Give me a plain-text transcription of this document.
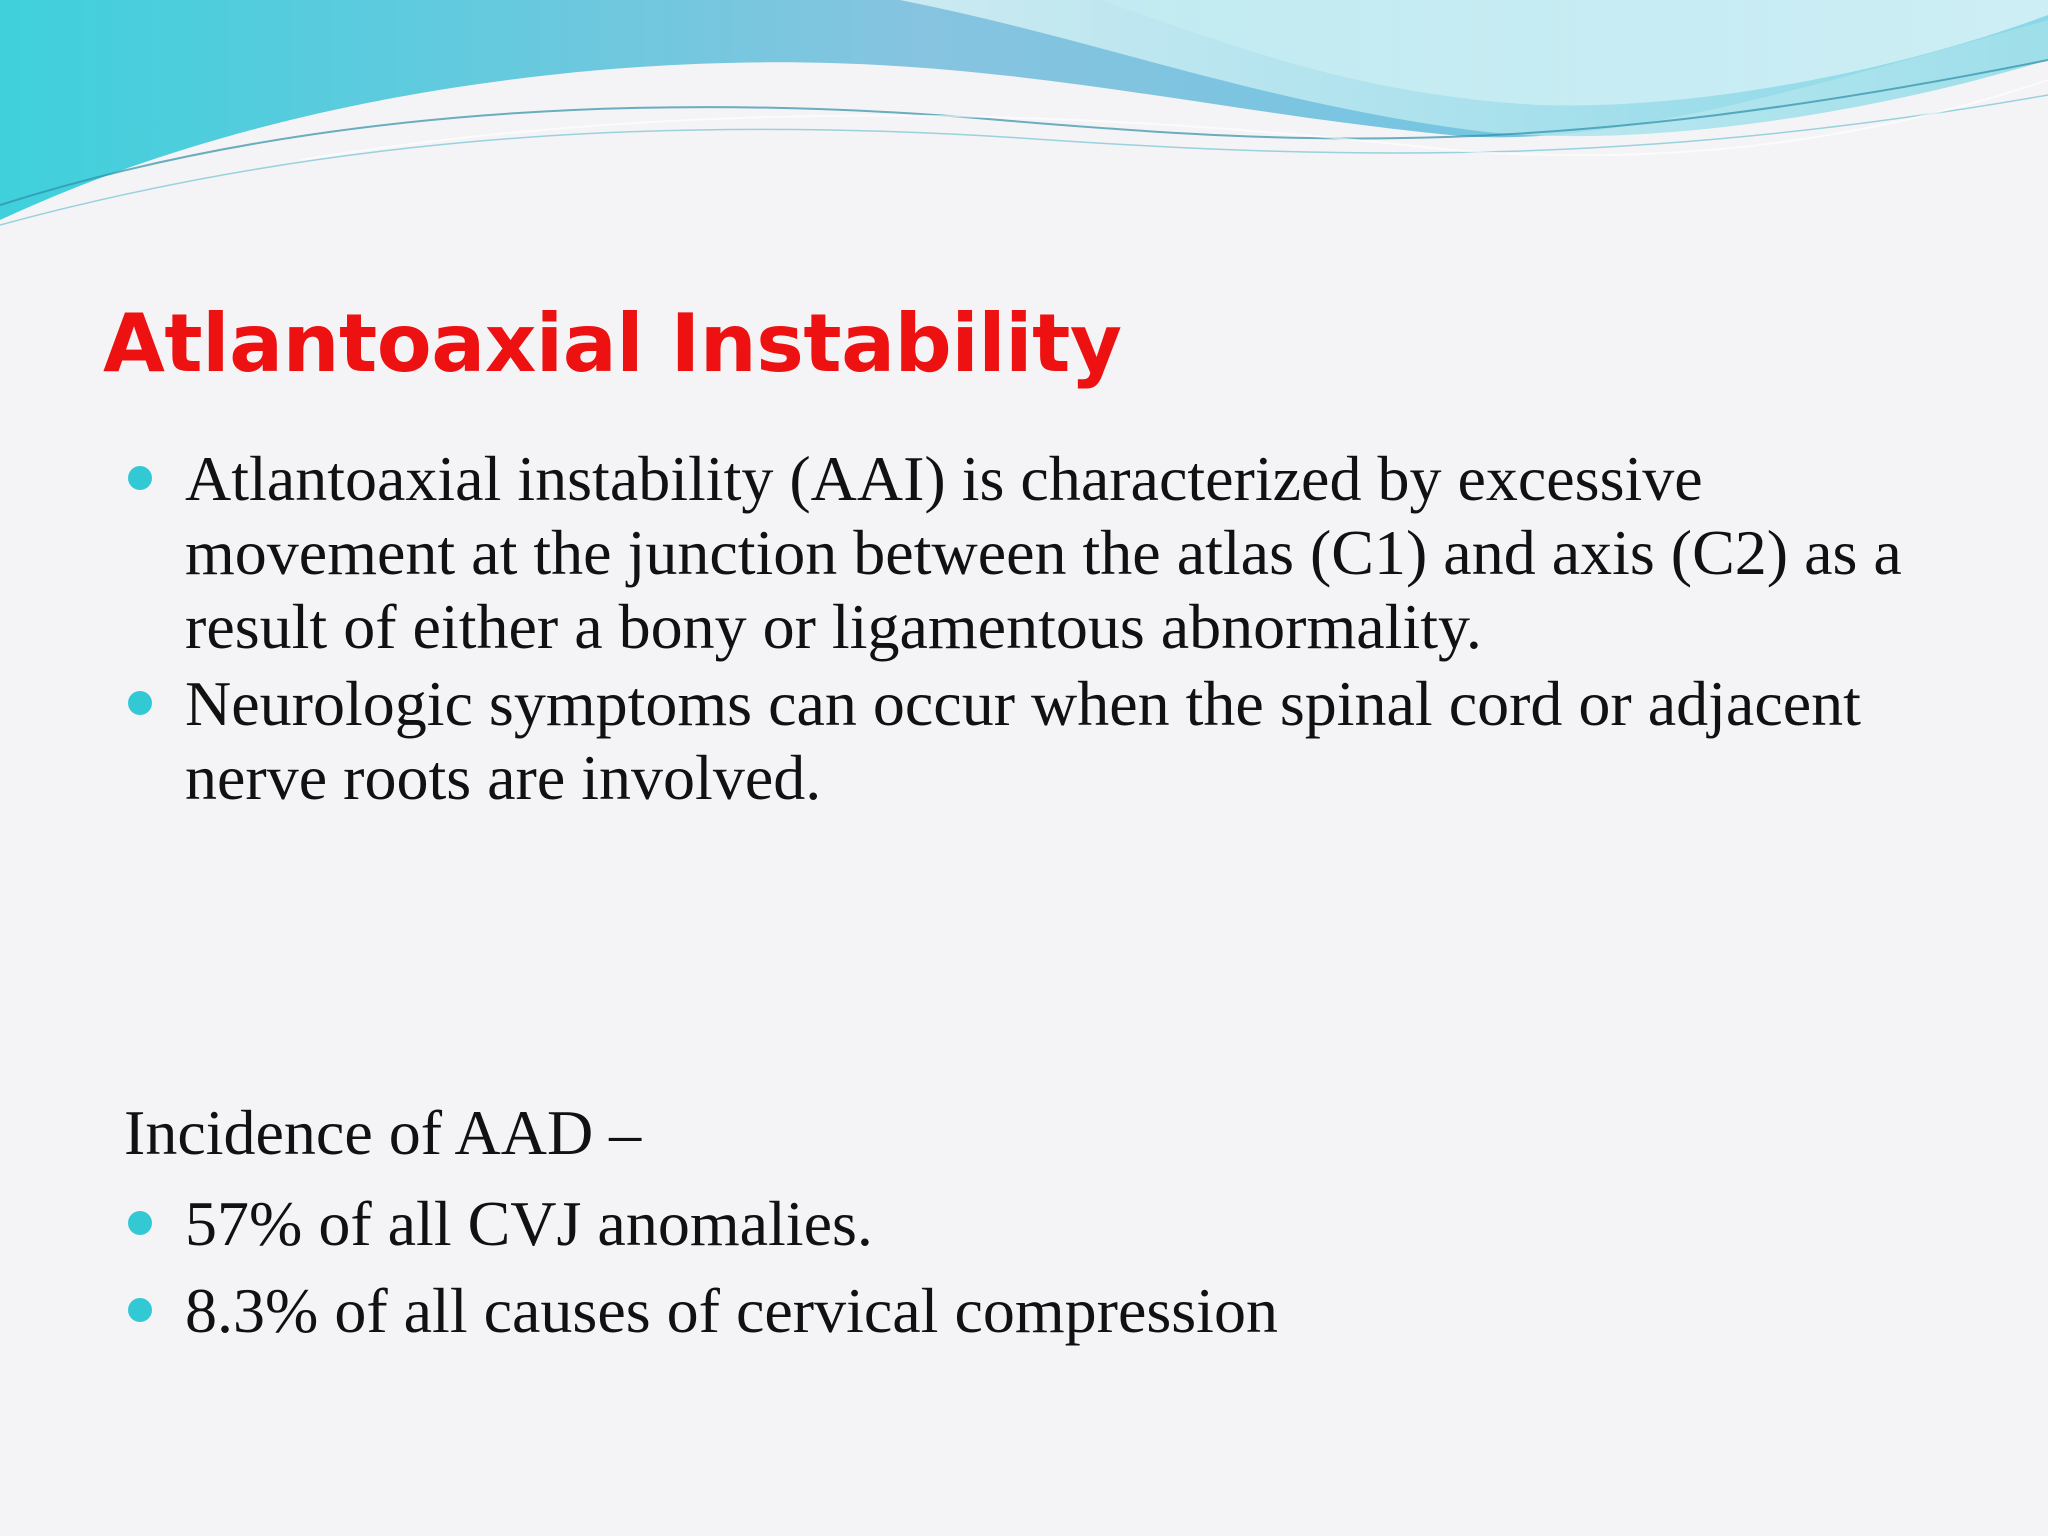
Atlantoaxial Instability
Atlantoaxial instability (AAI) is characterized by excessive movement at the junction between the atlas (C1) and axis (C2) as a result of either a bony or ligamentous abnormality.
Neurologic symptoms can occur when the spinal cord or adjacent nerve roots are involved.

Incidence of AAD –

57% of all CVJ anomalies.
8.3% of all causes of cervical compression
